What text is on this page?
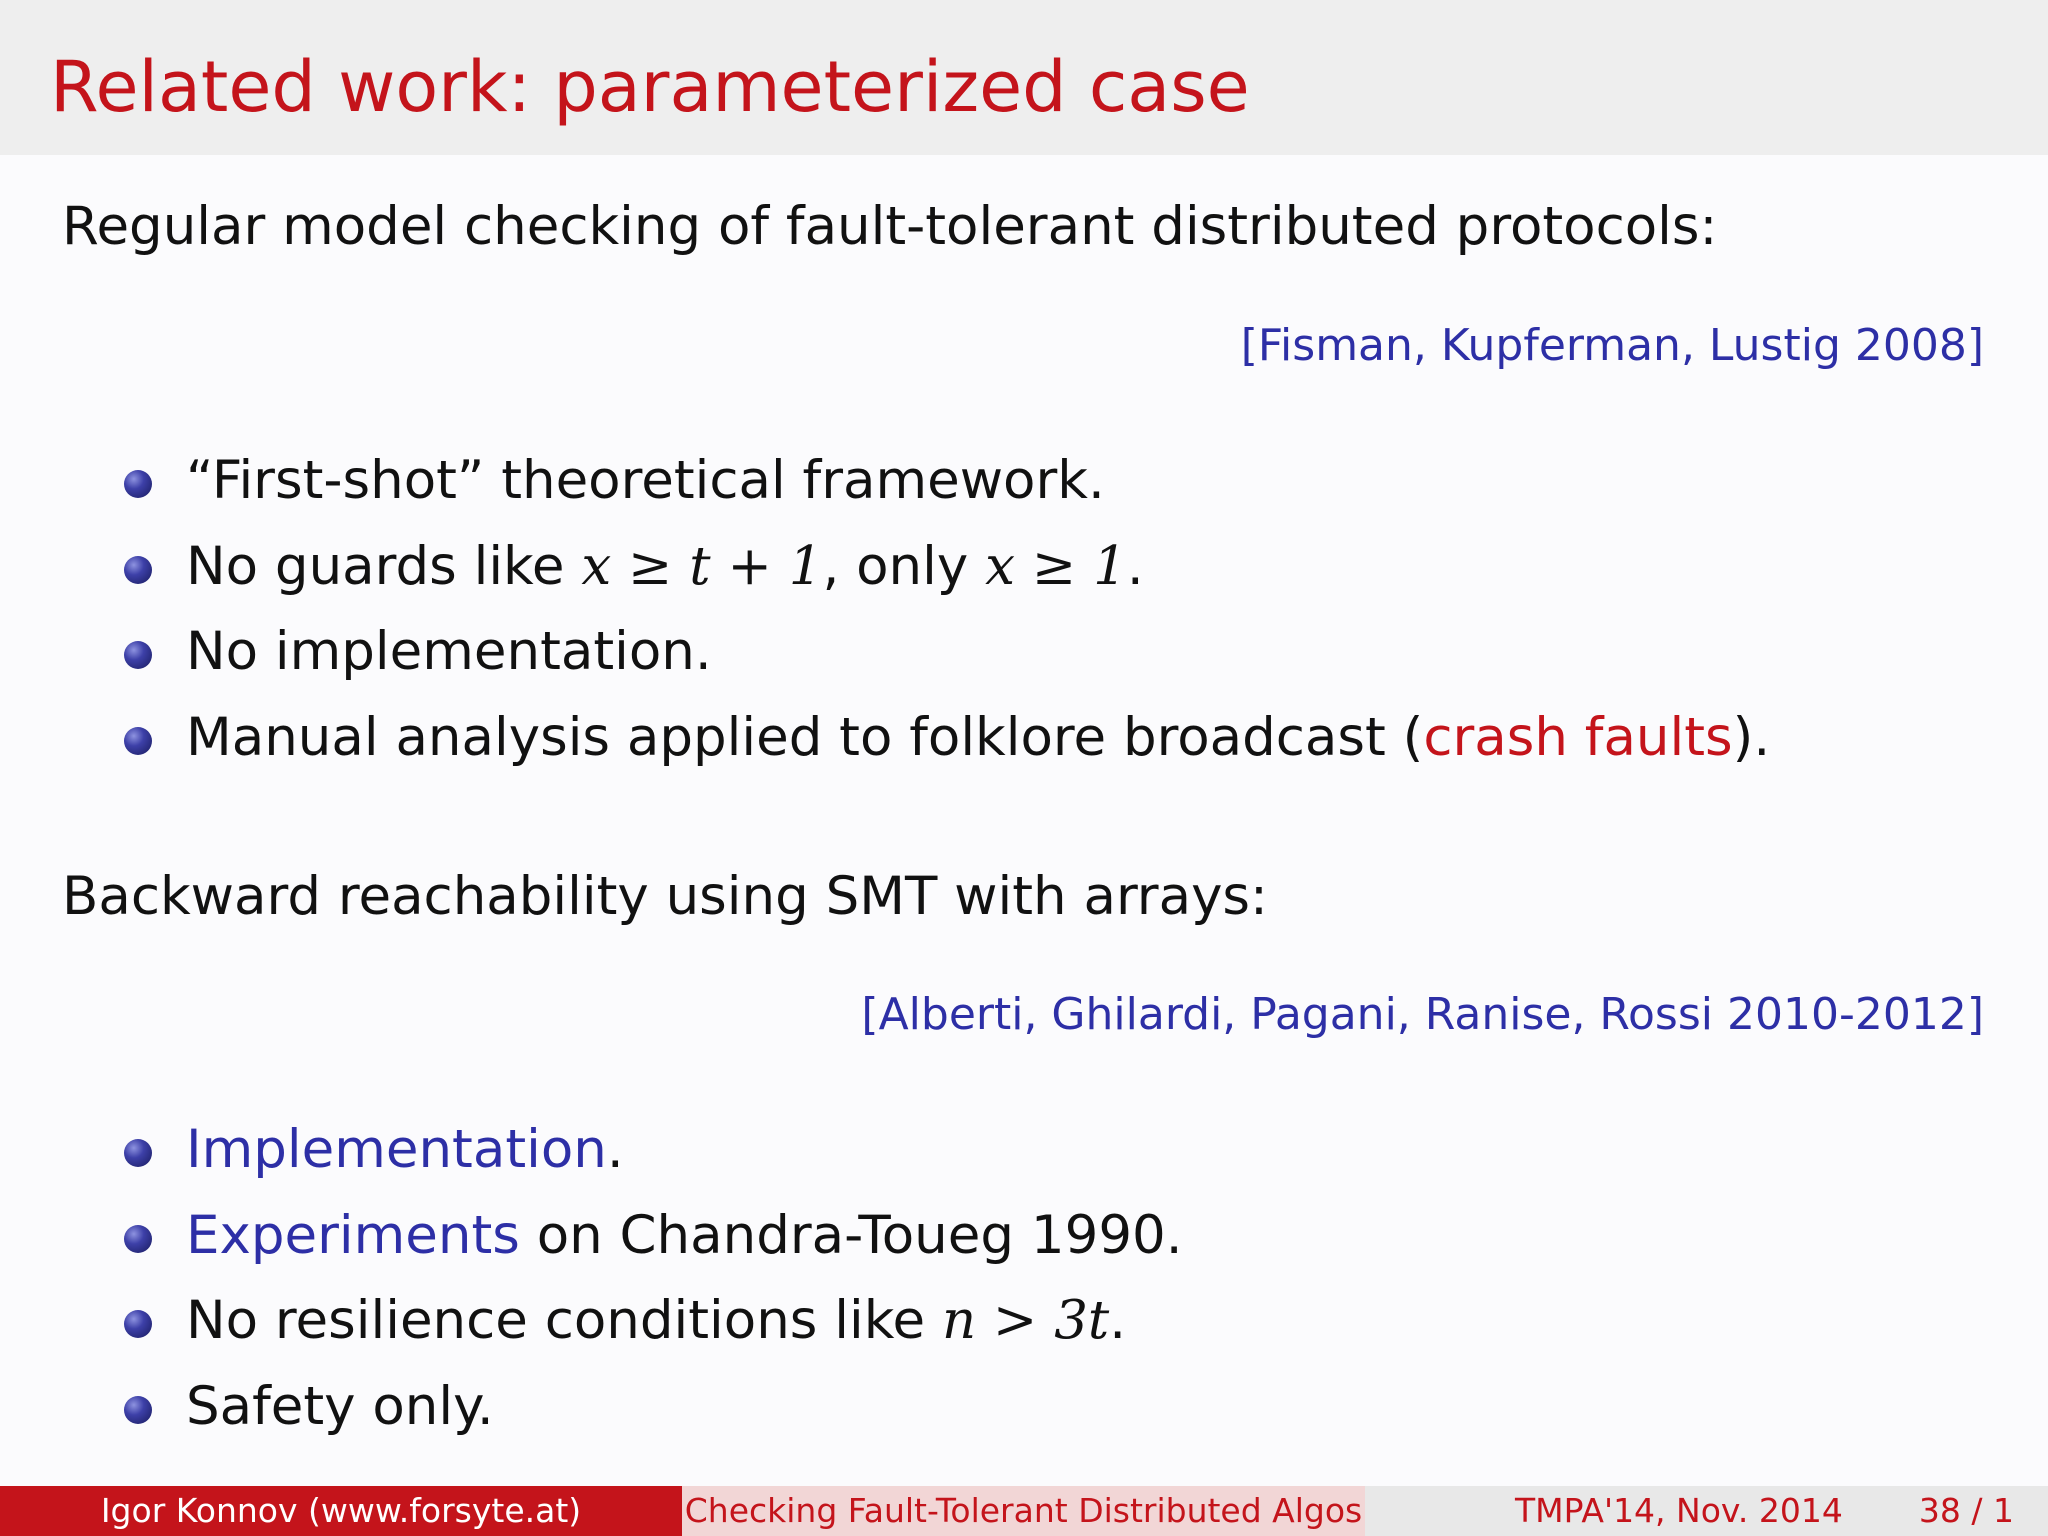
Related work: parameterized case
Regular model checking of fault-tolerant distributed protocols:
[Fisman, Kupferman, Lustig 2008]
“First-shot” theoretical framework.
No guards like x ≥ t + 1, only x ≥ 1.
No implementation.
Manual analysis applied to folklore broadcast (crash faults).
Backward reachability using SMT with arrays:
[Alberti, Ghilardi, Pagani, Ranise, Rossi 2010-2012]
Implementation.
Experiments on Chandra-Toueg 1990.
No resilience conditions like n > 3t.
Safety only.
Igor Konnov (www.forsyte.at)	Checking Fault-Tolerant Distributed Algos	TMPA'14, Nov. 2014 38 / 1
